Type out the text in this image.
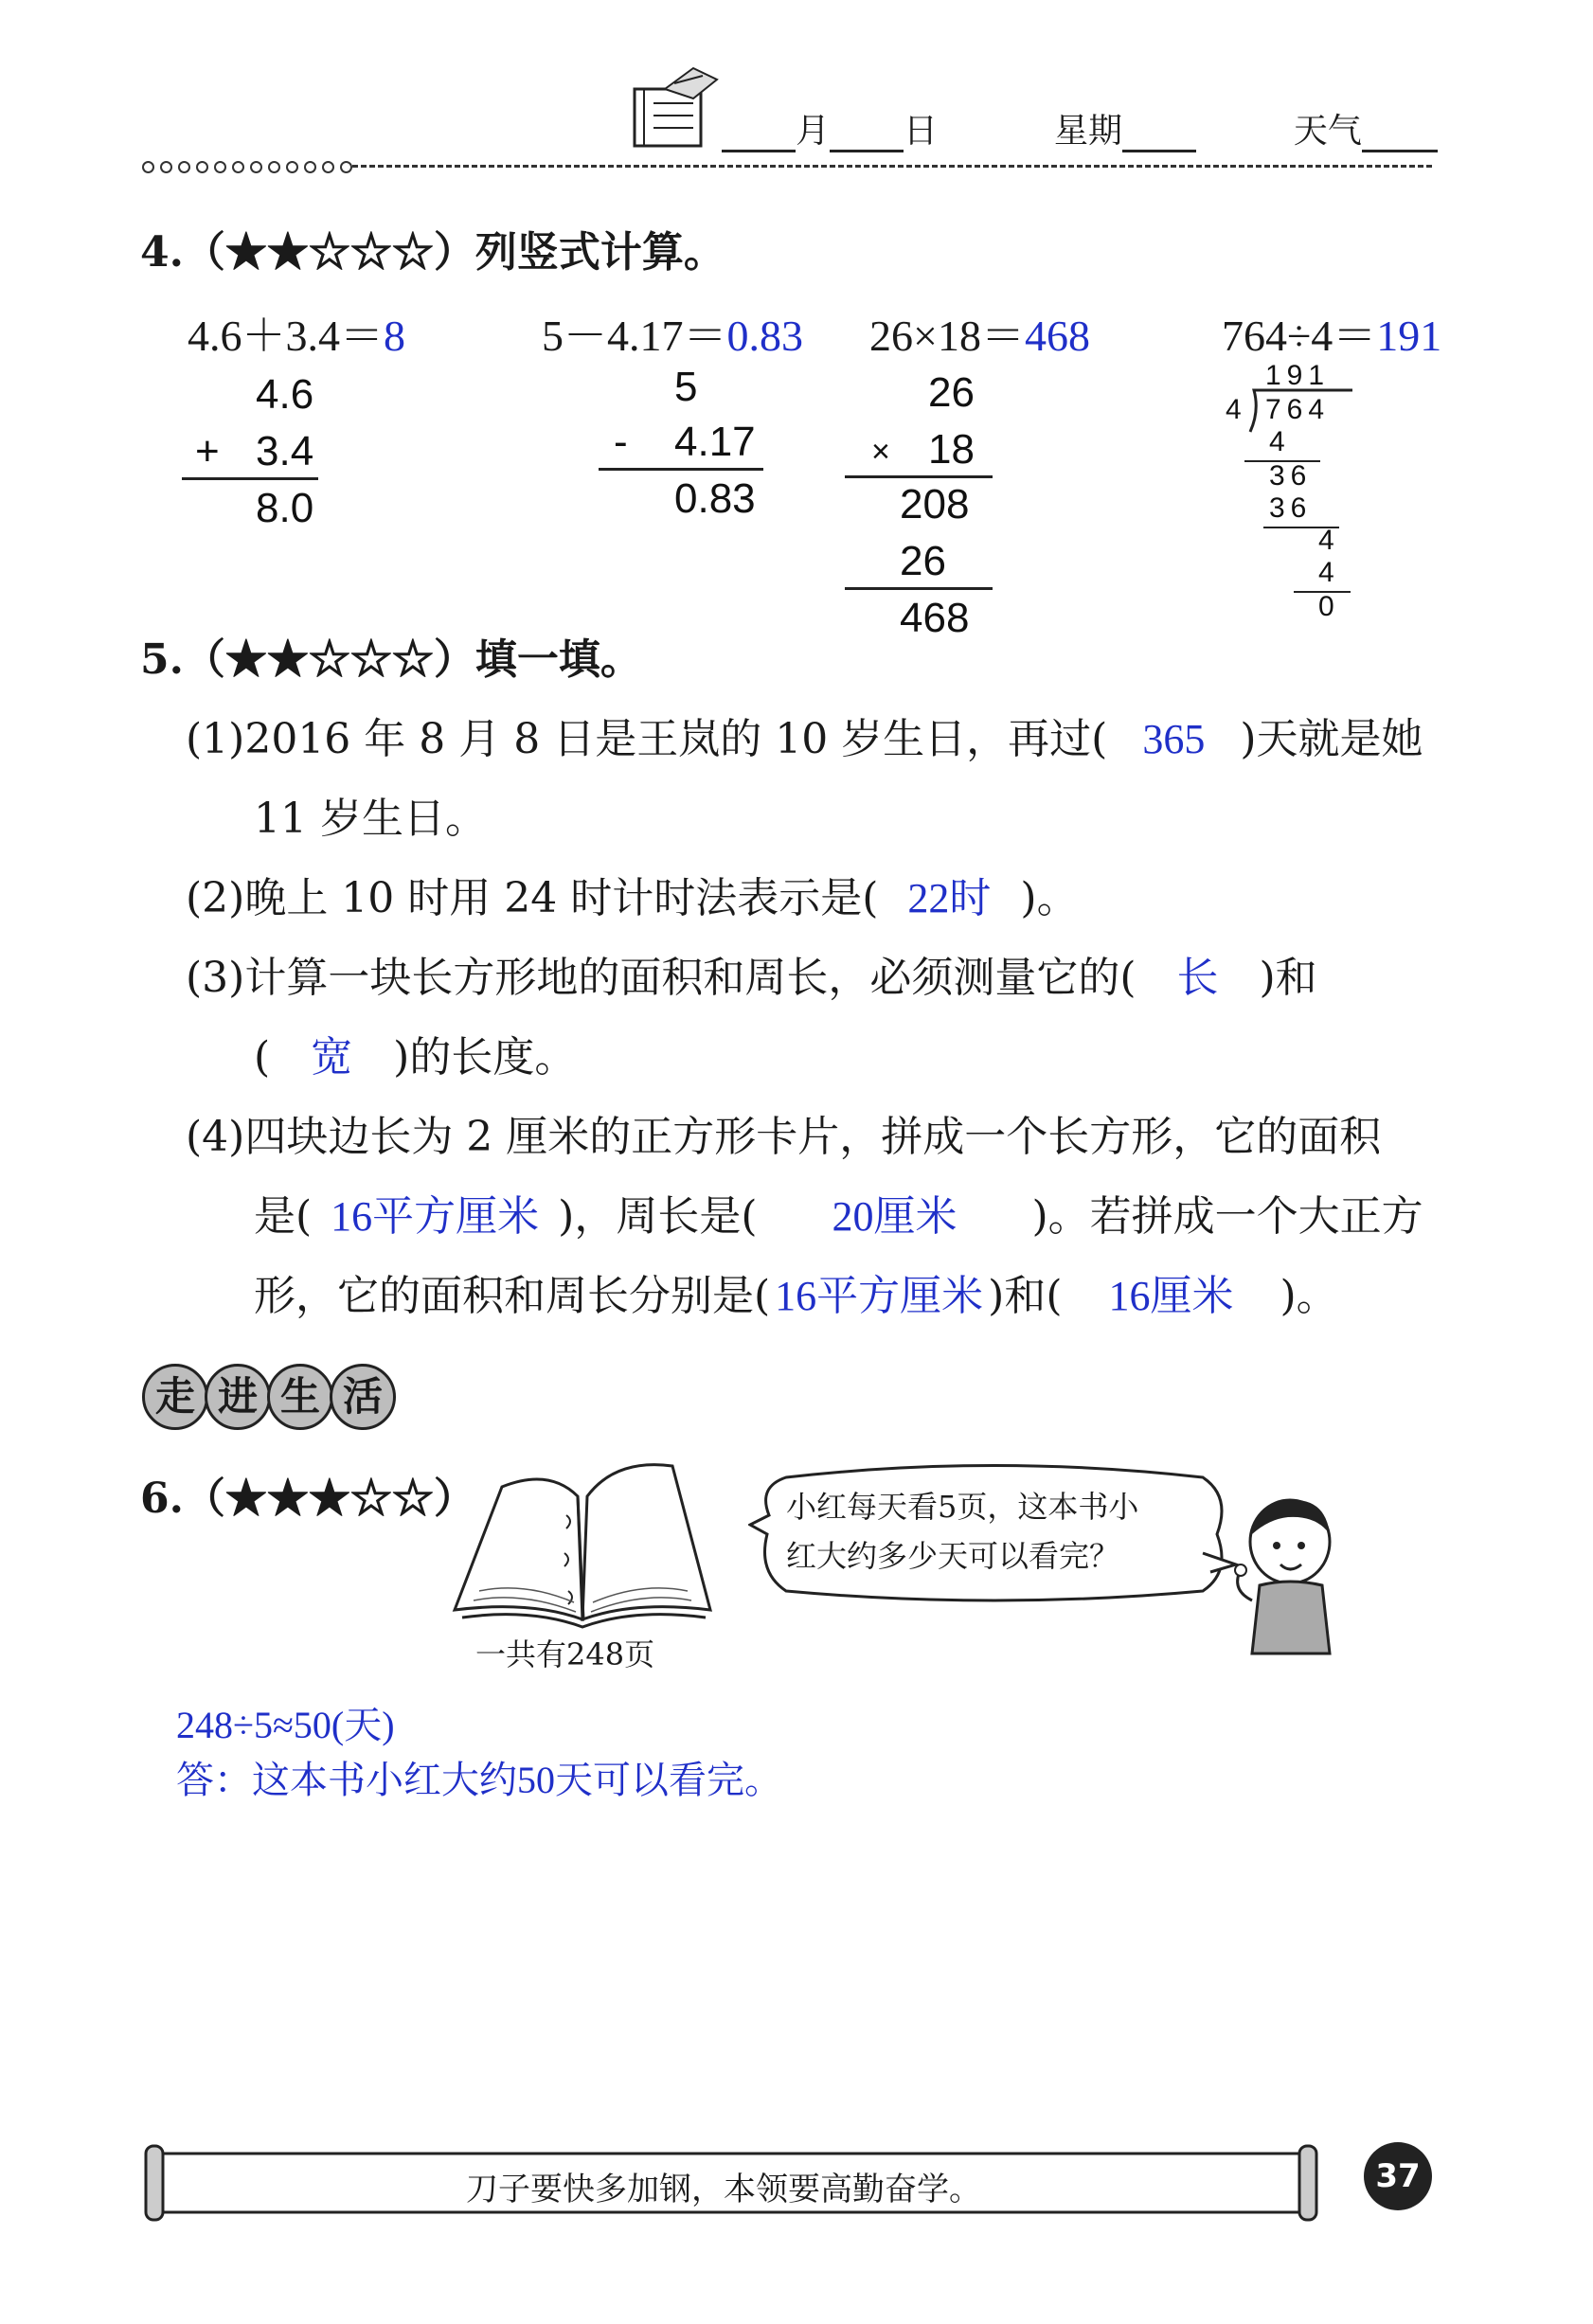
月 日	星期	天气
4.（★★☆☆☆）列竖式计算。
4.6＋3.4＝8	5－4.17＝0.83 26×18＝468	764÷4＝191
4.6
+ 3.4
8.0
5
- 4.17
0.83
26
× 18
208
26
468
191
4 764
4
36
36
4
4
0
5.（★★☆☆☆）填一填。
(1)2016 年 8 月 8 日是王岚的 10 岁生日，再过( 365 )天就是她
11 岁生日。
(2)晚上 10 时用 24 时计时法表示是( 22时 )。
(3)计算一块长方形地的面积和周长，必须测量它的( 长 )和
( 宽 )的长度。
(4)四块边长为 2 厘米的正方形卡片，拼成一个长方形，它的面积
是( 16平方厘米 )，周长是( 20厘米 )。若拼成一个大正方
形，它的面积和周长分别是( 16平方厘米 )和( 16厘米 )。
走 进 生 活
6.（★★★☆☆）
一共有248页
小红每天看5页，这本书小
红大约多少天可以看完？
248÷5≈50(天)
答：这本书小红大约50天可以看完。
刀子要快多加钢，本领要高勤奋学。	37
